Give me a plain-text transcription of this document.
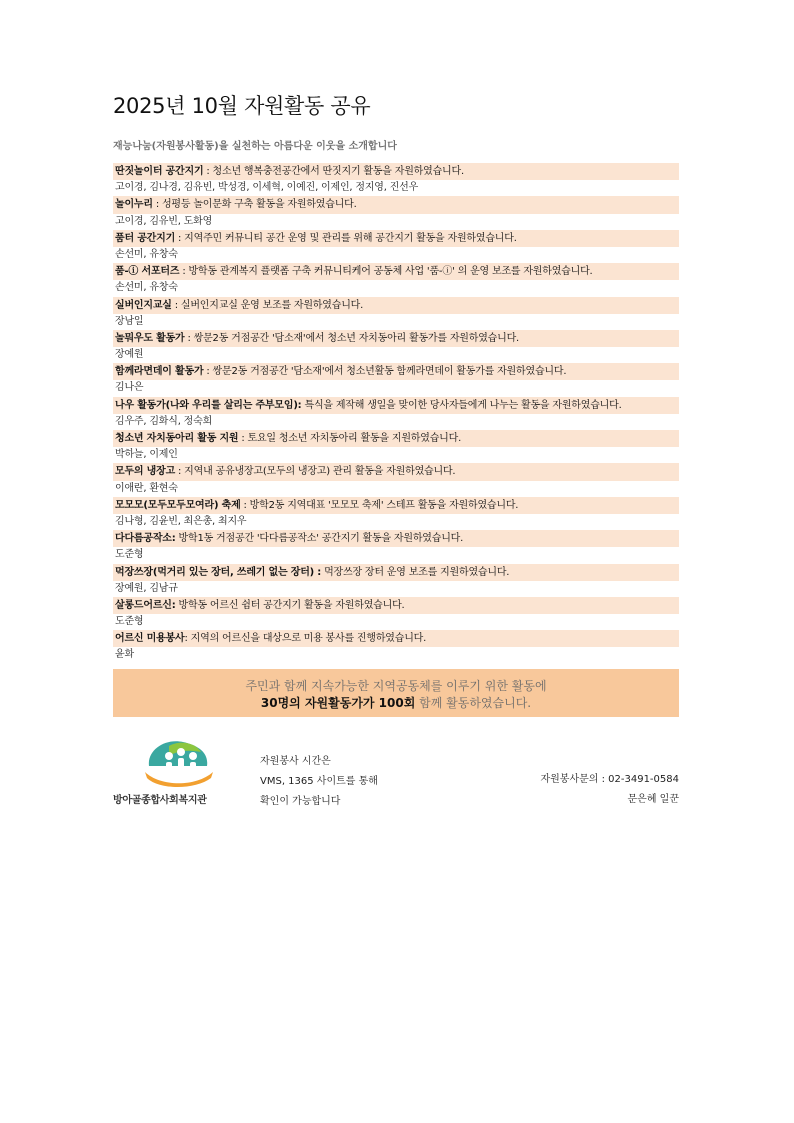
2025년 10월 자원활동 공유
재능나눔(자원봉사활동)을 실천하는 아름다운 이웃을 소개합니다
딴짓놀이터 공간지기 : 청소년 행복충전공간에서 딴짓지기 활동을 자원하였습니다.
고이경, 김나경, 김유빈, 박성경, 이세혁, 이예진, 이제인, 정지영, 진선우
놀이누리 : 성평등 놀이문화 구축 활동을 자원하였습니다.
고이경, 김유빈, 도화영
품터 공간지기 : 지역주민 커뮤니티 공간 운영 및 관리를 위해 공간지기 활동을 자원하였습니다.
손선미, 유창숙
품-ⓘ 서포터즈 : 방학동 관계복지 플랫폼 구축 커뮤니티케어 공동체 사업 '품-ⓘ' 의 운영 보조를 자원하였습니다.
손선미, 유창숙
실버인지교실 : 실버인지교실 운영 보조를 자원하였습니다.
장남일
놀뭐우도 활동가 : 쌍문2동 거점공간 '담소재'에서 청소년 자치동아리 활동가를 자원하였습니다.
장예원
함께라면데이 활동가 : 쌍문2동 거점공간 '담소재'에서 청소년활동 함께라면데이 활동가를 자원하였습니다.
김나은
나우 활동가(나와 우리를 살리는 주부모임): 특식을 제작해 생일을 맞이한 당사자들에게 나누는 활동을 자원하였습니다.
김우주, 김화식, 정숙희
청소년 자치동아리 활동 지원 : 토요일 청소년 자치동아리 활동을 지원하였습니다.
박하늘, 이제인
모두의 냉장고 : 지역내 공유냉장고(모두의 냉장고) 관리 활동을 자원하였습니다.
이애란, 환현숙
모모모(모두모두모여라) 축제 : 방학2동 지역대표 '모모모 축제' 스테프 활동을 자원하였습니다.
김나형, 김윤빈, 최은총, 최지우
다다름공작소: 방학1동 거점공간 '다다름공작소' 공간지기 활동을 자원하였습니다.
도준형
먹장쓰장(먹거리 있는 장터, 쓰레기 없는 장터) : 먹장쓰장 장터 운영 보조를 지원하였습니다.
장예원, 김남규
살롱드어르신: 방학동 어르신 쉼터 공간지기 활동을 자원하였습니다.
도준형
어르신 미용봉사: 지역의 어르신을 대상으로 미용 봉사를 진행하였습니다.
윤화
주민과 함께 지속가능한 지역공동체를 이루기 위한 활동에
30명의 자원활동가가 100회 함께 활동하였습니다.
방아골종합사회복지관
자원봉사 시간은
VMS, 1365 사이트를 통해
확인이 가능합니다
자원봉사문의 : 02-3491-0584
문은혜 일꾼
